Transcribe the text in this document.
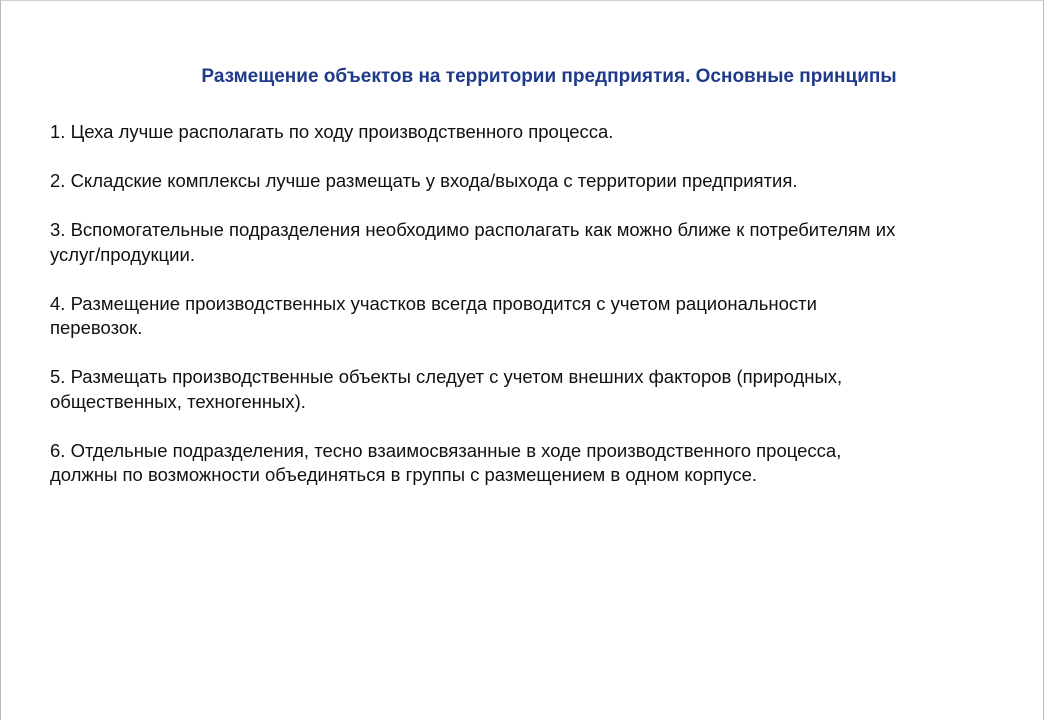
Размещение объектов на территории предприятия. Основные принципы
1. Цеха лучше располагать по ходу производственного процесса.
2. Складские комплексы лучше размещать у входа/выхода с территории предприятия.
3. Вспомогательные подразделения необходимо располагать как можно ближе к потребителям их
услуг/продукции.
4. Размещение производственных участков всегда проводится с учетом рациональности
перевозок.
5. Размещать производственные объекты следует с учетом внешних факторов (природных,
общественных, техногенных).
6. Отдельные подразделения, тесно взаимосвязанные в ходе производственного процесса,
должны по возможности объединяться в группы с размещением в одном корпусе.
